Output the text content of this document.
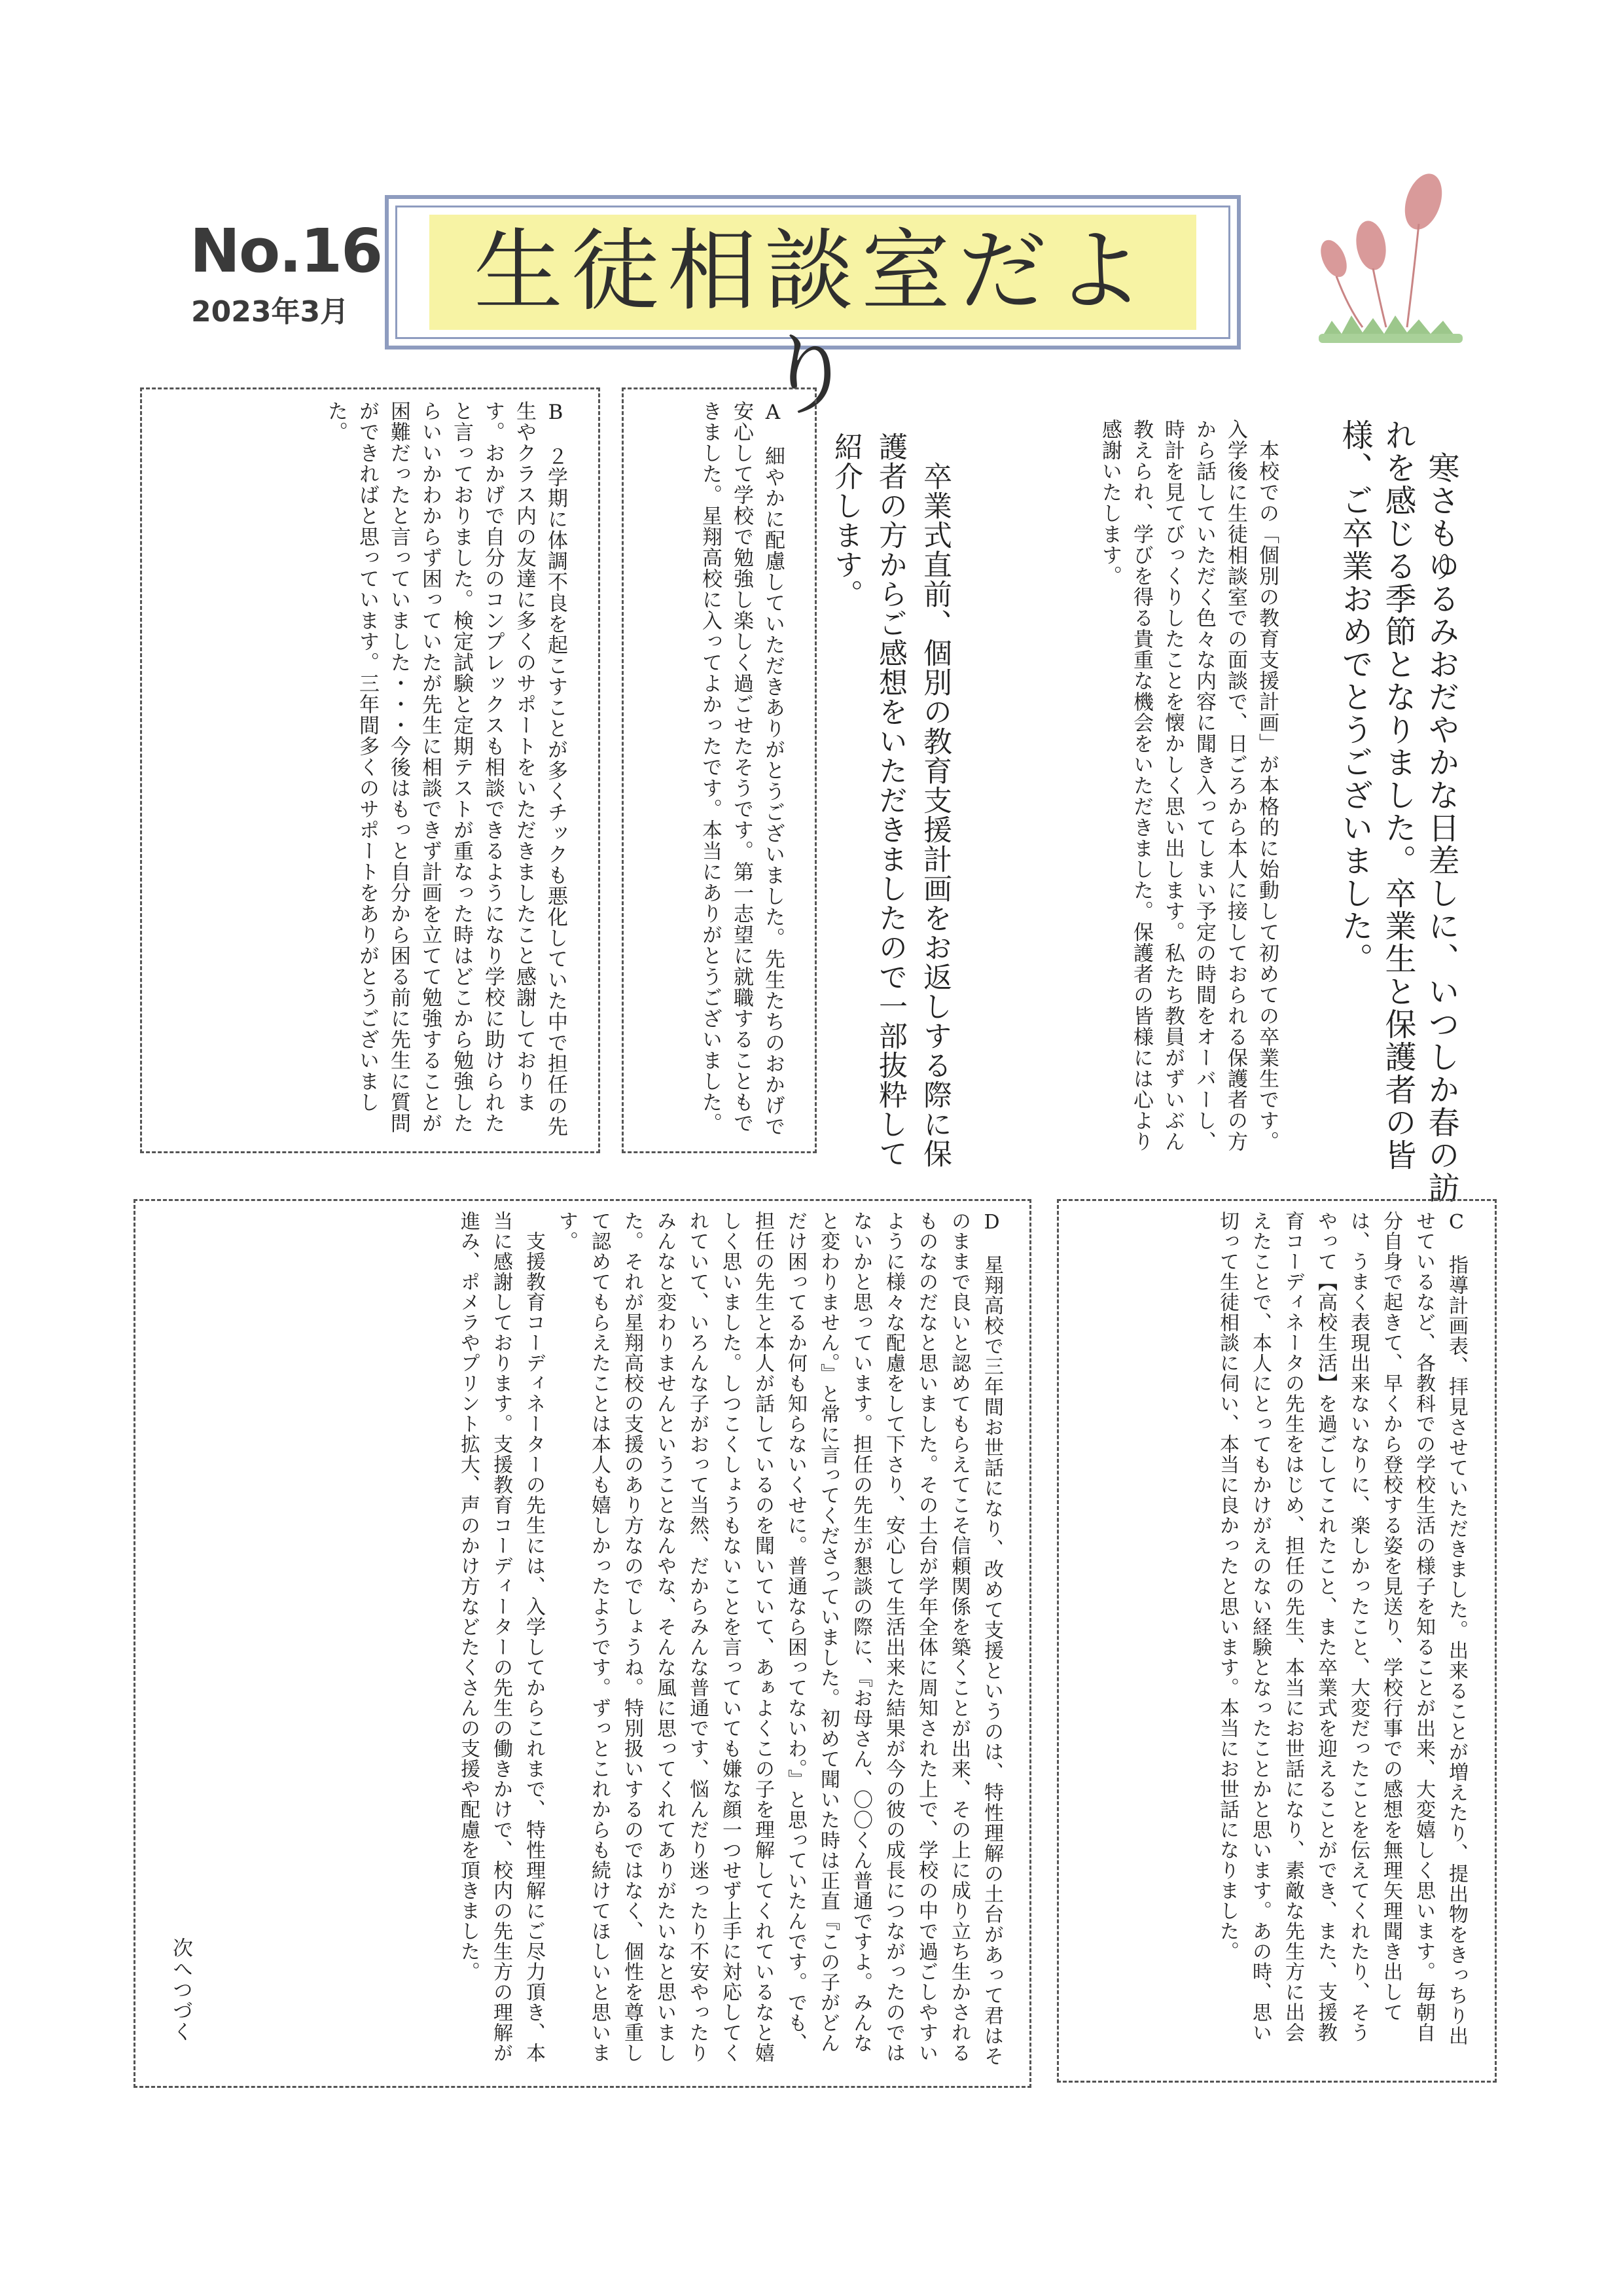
No.16
2023年3月	生徒相談室だより
　寒さもゆるみおだやかな日差しに、いつしか春の訪れを感じる季節となりました。卒業生と保護者の皆様、ご卒業おめでとうございました。
　本校での「個別の教育支援計画」が本格的に始動して初めての卒業生です。入学後に生徒相談室での面談で、日ごろから本人に接しておられる保護者の方から話していただく色々な内容に聞き入ってしまい予定の時間をオーバーし、時計を見てびっくりしたことを懐かしく思い出します。私たち教員がずいぶん教えられ、学びを得る貴重な機会をいただきました。保護者の皆様には心より感謝いたします。
　卒業式直前、個別の教育支援計画をお返しする際に保護者の方からご感想をいただきましたので一部抜粋して紹介します。
A　細やかに配慮していただきありがとうございました。先生たちのおかげで安心して学校で勉強し楽しく過ごせたそうです。第一志望に就職することもできました。星翔高校に入ってよかったです。本当にありがとうございました。
B　２学期に体調不良を起こすことが多くチックも悪化していた中で担任の先生やクラス内の友達に多くのサポートをいただきましたこと感謝しております。おかげで自分のコンプレックスも相談できるようになり学校に助けられたと言っておりました。検定試験と定期テストが重なった時はどこから勉強したらいいかわからず困っていたが先生に相談できず計画を立てて勉強することが困難だったと言っていました・・・今後はもっと自分から困る前に先生に質問ができればと思っています。三年間多くのサポートをありがとうございました。
C　指導計画表、拝見させていただきました。出来ることが増えたり、提出物をきっちり出せているなど、各教科での学校生活の様子を知ることが出来、大変嬉しく思います。毎朝自分自身で起きて、早くから登校する姿を見送り、学校行事での感想を無理矢理聞き出しては、うまく表現出来ないなりに、楽しかったこと、大変だったことを伝えてくれたり、そうやって【高校生活】を過ごしてこれたこと、また卒業式を迎えることができ、また、支援教育コーディネータの先生をはじめ、担任の先生、本当にお世話になり、素敵な先生方に出会えたことで、本人にとってもかけがえのない経験となったことかと思います。あの時、思い切って生徒相談に伺い、本当に良かったと思います。本当にお世話になりました。
D　星翔高校で三年間お世話になり、改めて支援というのは、特性理解の土台があって君はそのままで良いと認めてもらえてこそ信頼関係を築くことが出来、その上に成り立ち生かされるものなのだなと思いました。その土台が学年全体に周知された上で、学校の中で過ごしやすいように様々な配慮をして下さり、安心して生活出来た結果が今の彼の成長につながったのではないかと思っています。担任の先生が懇談の際に、『お母さん、〇〇くん普通ですよ。みんなと変わりません。』と常に言ってくださっていました。初めて聞いた時は正直『この子がどんだけ困ってるか何も知らないくせに。普通なら困ってないわ。』と思っていたんです。でも、担任の先生と本人が話しているのを聞いていて、あぁよくこの子を理解してくれているなと嬉しく思いました。しつこくしょうもないことを言っていても嫌な顔一つせず上手に対応してくれていて、いろんな子がおって当然、だからみんな普通です、悩んだり迷ったり不安やったりみんなと変わりませんということなんやな、そんな風に思ってくれてありがたいなと思いました。それが星翔高校の支援のあり方なのでしょうね。特別扱いするのではなく、個性を尊重して認めてもらえたことは本人も嬉しかったようです。ずっとこれからも続けてほしいと思います。
　支援教育コーディネーターの先生には、入学してからこれまで、特性理解にご尽力頂き、本当に感謝しております。支援教育コーディーターの先生の働きかけで、校内の先生方の理解が進み、ポメラやプリント拡大、声のかけ方などたくさんの支援や配慮を頂きました。
次へつづく
